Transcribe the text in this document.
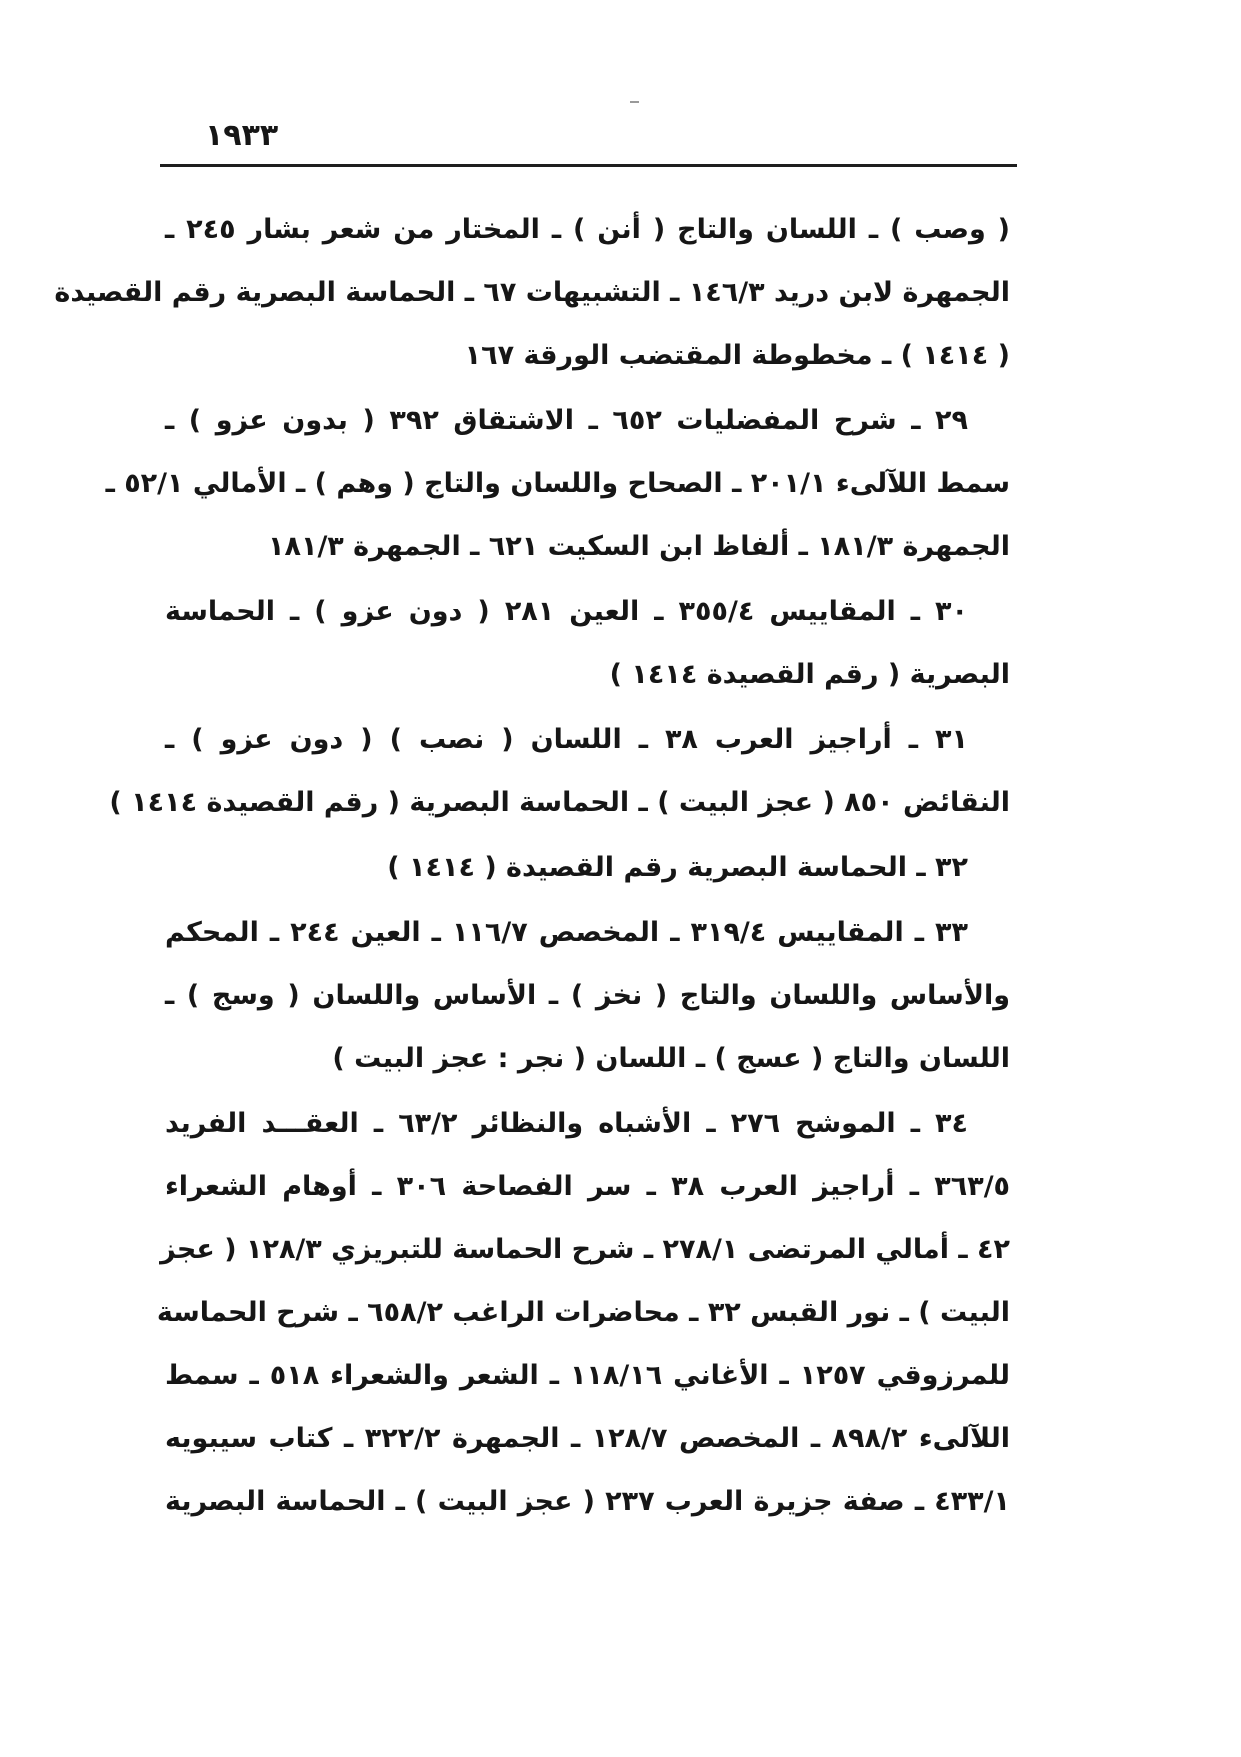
١٩٣٣
( وصب ) ـ اللسان والتاج ( أنن ) ـ المختار من شعر بشار ٢٤٥ ـ
الجمهرة لابن دريد ١٤٦/٣ ـ التشبيهات ٦٧ ـ الحماسة البصرية رقم القصيدة
( ١٤١٤ ) ـ مخطوطة المقتضب الورقة ١٦٧
٢٩ ـ شرح المفضليات ٦٥٢ ـ الاشتقاق ٣٩٢ ( بدون عزو ) ـ
سمط اللآلىء ٢٠١/١ ـ الصحاح واللسان والتاج ( وهم ) ـ الأمالي ٥٢/١ ـ
الجمهرة ١٨١/٣ ـ ألفاظ ابن السكيت ٦٢١ ـ الجمهرة ١٨١/٣
٣٠ ـ المقاييس ٣٥٥/٤ ـ العين ٢٨١ ( دون عزو ) ـ الحماسة
البصرية ( رقم القصيدة ١٤١٤ )
٣١ ـ أراجيز العرب ٣٨ ـ اللسان ( نصب ) ( دون عزو ) ـ
النقائض ٨٥٠ ( عجز البيت ) ـ الحماسة البصرية ( رقم القصيدة ١٤١٤ )
٣٢ ـ الحماسة البصرية رقم القصيدة ( ١٤١٤ )
٣٣ ـ المقاييس ٣١٩/٤ ـ المخصص ١١٦/٧ ـ العين ٢٤٤ ـ المحكم
والأساس واللسان والتاج ( نخز ) ـ الأساس واللسان ( وسج ) ـ
اللسان والتاج ( عسج ) ـ اللسان ( نجر : عجز البيت )
٣٤ ـ الموشح ٢٧٦ ـ الأشباه والنظائر ٦٣/٢ ـ العقـــد الفريد
٣٦٣/٥ ـ أراجيز العرب ٣٨ ـ سر الفصاحة ٣٠٦ ـ أوهام الشعراء
٤٢ ـ أمالي المرتضى ٢٧٨/١ ـ شرح الحماسة للتبريزي ١٢٨/٣ ( عجز
البيت ) ـ نور القبس ٣٢ ـ محاضرات الراغب ٦٥٨/٢ ـ شرح الحماسة
للمرزوقي ١٢٥٧ ـ الأغاني ١١٨/١٦ ـ الشعر والشعراء ٥١٨ ـ سمط
اللآلىء ٨٩٨/٢ ـ المخصص ١٢٨/٧ ـ الجمهرة ٣٢٢/٢ ـ كتاب سيبويه
٤٣٣/١ ـ صفة جزيرة العرب ٢٣٧ ( عجز البيت ) ـ الحماسة البصرية
